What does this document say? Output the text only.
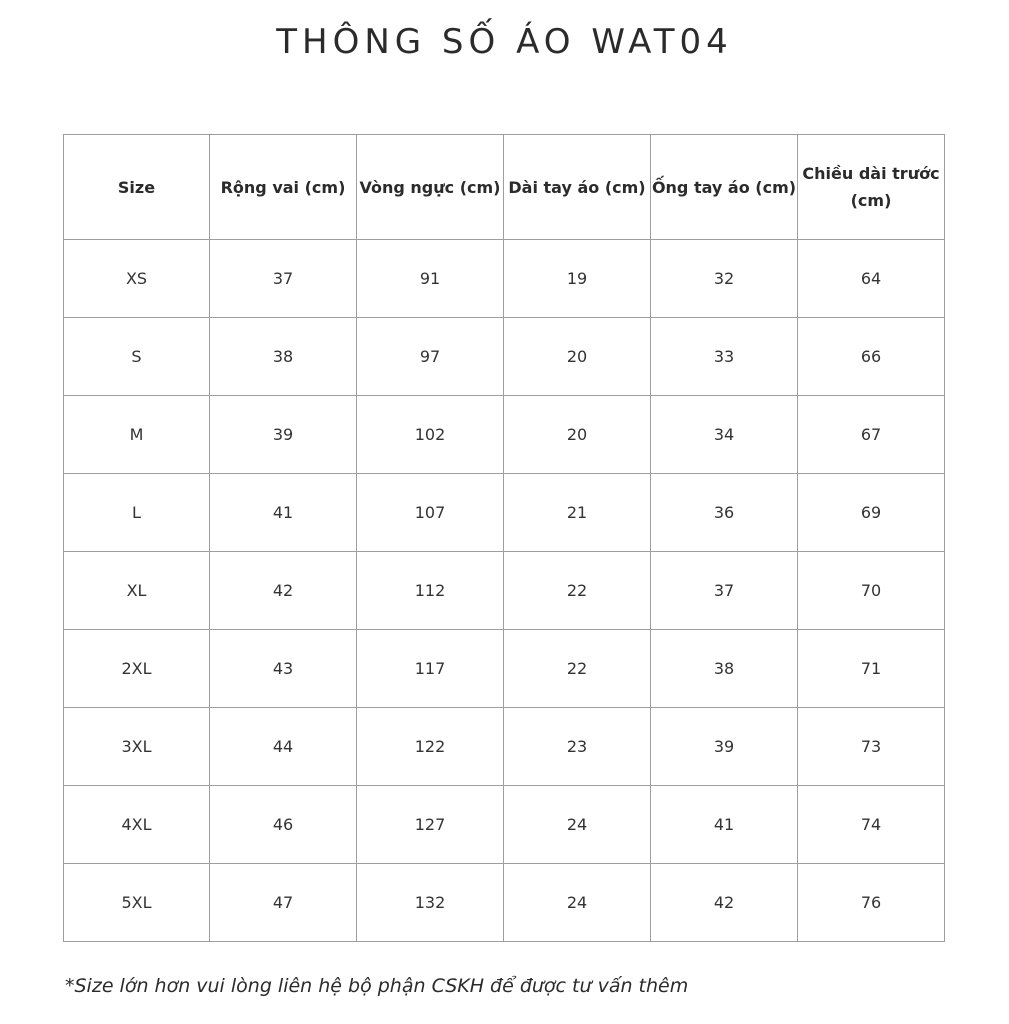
THÔNG SỐ ÁO WAT04
Size	Rộng vai (cm)	Vòng ngực (cm)	Dài tay áo (cm)	Ống tay áo (cm)	Chiều dài trước (cm)
XS	37	91	19	32	64
S	38	97	20	33	66
M	39	102	20	34	67
L	41	107	21	36	69
XL	42	112	22	37	70
2XL	43	117	22	38	71
3XL	44	122	23	39	73
4XL	46	127	24	41	74
5XL	47	132	24	42	76

*Size lớn hơn vui lòng liên hệ bộ phận CSKH để được tư vấn thêm
